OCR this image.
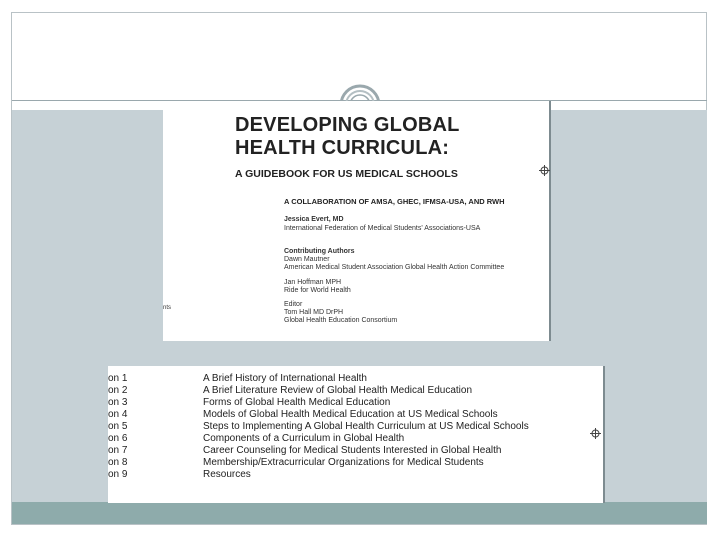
DEVELOPING GLOBAL
HEALTH CURRICULA:
A GUIDEBOOK FOR US MEDICAL SCHOOLS
A COLLABORATION OF AMSA, GHEC, IFMSA-USA, AND RWH
Jessica Evert, MD
International Federation of Medical Students' Associations-USA
Contributing Authors
Dawn Mautner
American Medical Student Association Global Health Action Committee
Jan Hoffman MPH
Ride for World Health
Editor
Tom Hall MD DrPH
Global Health Education Consortium
nts
on 1	A Brief History of International Health
on 2	A Brief Literature Review of Global Health Medical Education
on 3	Forms of Global Health Medical Education
on 4	Models of Global Health Medical Education at US Medical Schools
on 5	Steps to Implementing A Global Health Curriculum at US Medical Schools
on 6	Components of a Curriculum in Global Health
on 7	Career Counseling for Medical Students Interested in Global Health
on 8	Membership/Extracurricular Organizations for Medical Students
on 9	Resources
